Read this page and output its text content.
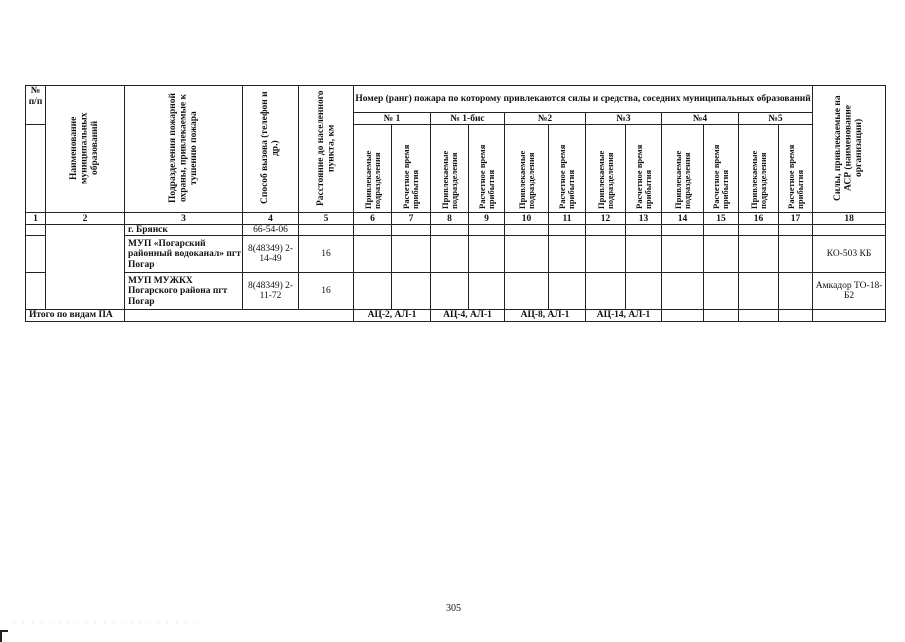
№ п/п	Наименование муниципальных образований	Подразделения пожарной охраны, привлекаемые к тушению пожара	Способ вызова (телефон и др.)	Расстояние до населенного пункта, км	Номер (ранг) пожара по которому привлекаются силы и средства, соседних муниципальных образований												Силы, привлекаемые на АСР (наименование организации)
					№ 1		№ 1-бис		№2		№3		№4		№5		
					Привлекаемые подразделения	Расчетное время прибытия	Привлекаемые подразделения	Расчетное время прибытия	Привлекаемые подразделения	Расчетное время прибытия	Привлекаемые подразделения	Расчетное время прибытия	Привлекаемые подразделения	Расчетное время прибытия	Привлекаемые подразделения	Расчетное время прибытия	
1	2	3	4	5	6	7	8	9	10	11	12	13	14	15	16	17	18
		г. Брянск	66-54-06														
		МУП «Погарский районный водоканал» пгт Погар	8(48349) 2-14-49	16													КО-503 КБ
		МУП МУЖКХ Погарского района пгт Погар	8(48349) 2-11-72	16													Амкадор ТО-18-Б2
Итого по видам ПА					АЦ-2, АЛ-1		АЦ-4, АЛ-1		АЦ-8, АЛ-1		АЦ-14, АЛ-1						
305
. . . . . . . . . . . . . . . . . . . . .
